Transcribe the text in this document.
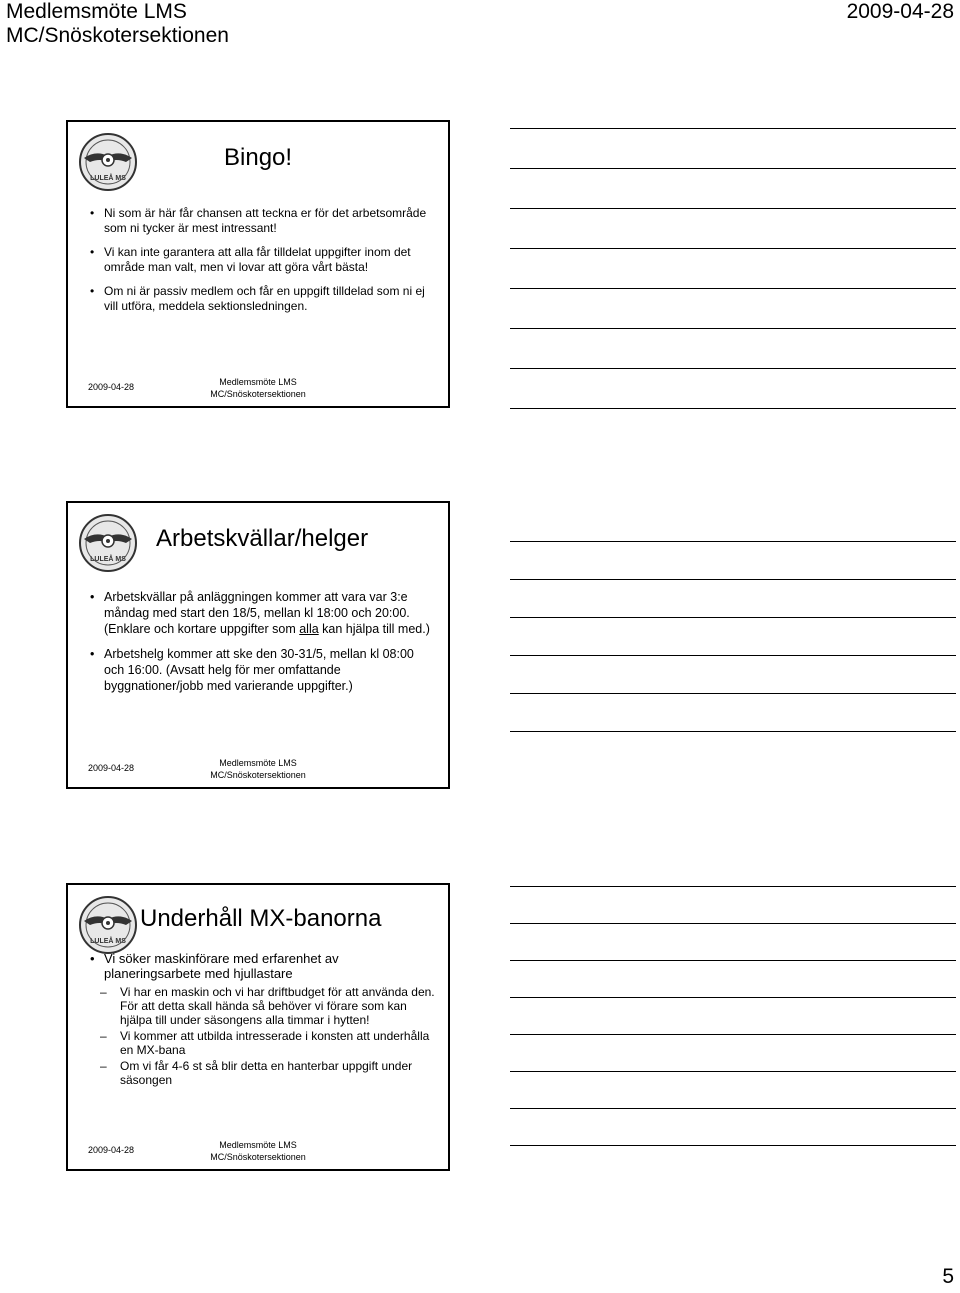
Medlemsmöte LMS
MC/Snöskotersektionen
2009-04-28
LULEÅ MS
Bingo!
• Ni som är här får chansen att teckna er för det arbetsområde som ni tycker är mest intressant!
• Vi kan inte garantera att alla får tilldelat uppgifter inom det område man valt, men vi lovar att göra vårt bästa!
• Om ni är passiv medlem och får en uppgift tilldelad som ni ej vill utföra, meddela sektionsledningen.
2009-04-28	Medlemsmöte LMS
MC/Snöskotersektionen
LULEÅ MS
Arbetskvällar/helger
• Arbetskvällar på anläggningen kommer att vara var 3:e måndag med start den 18/5, mellan kl 18:00 och 20:00. (Enklare och kortare uppgifter som alla kan hjälpa till med.)
• Arbetshelg kommer att ske den 30-31/5, mellan kl 08:00 och 16:00. (Avsatt helg för mer omfattande byggnationer/jobb med varierande uppgifter.)
2009-04-28	Medlemsmöte LMS
MC/Snöskotersektionen
LULEÅ MS
Underhåll MX-banorna
• Vi söker maskinförare med erfarenhet av planeringsarbete med hjullastare
– Vi har en maskin och vi har driftbudget för att använda den. För att detta skall hända så behöver vi förare som kan hjälpa till under säsongens alla timmar i hytten!
– Vi kommer att utbilda intresserade i konsten att underhålla en MX-bana
– Om vi får 4-6 st så blir detta en hanterbar uppgift under säsongen
2009-04-28	Medlemsmöte LMS
MC/Snöskotersektionen
5
